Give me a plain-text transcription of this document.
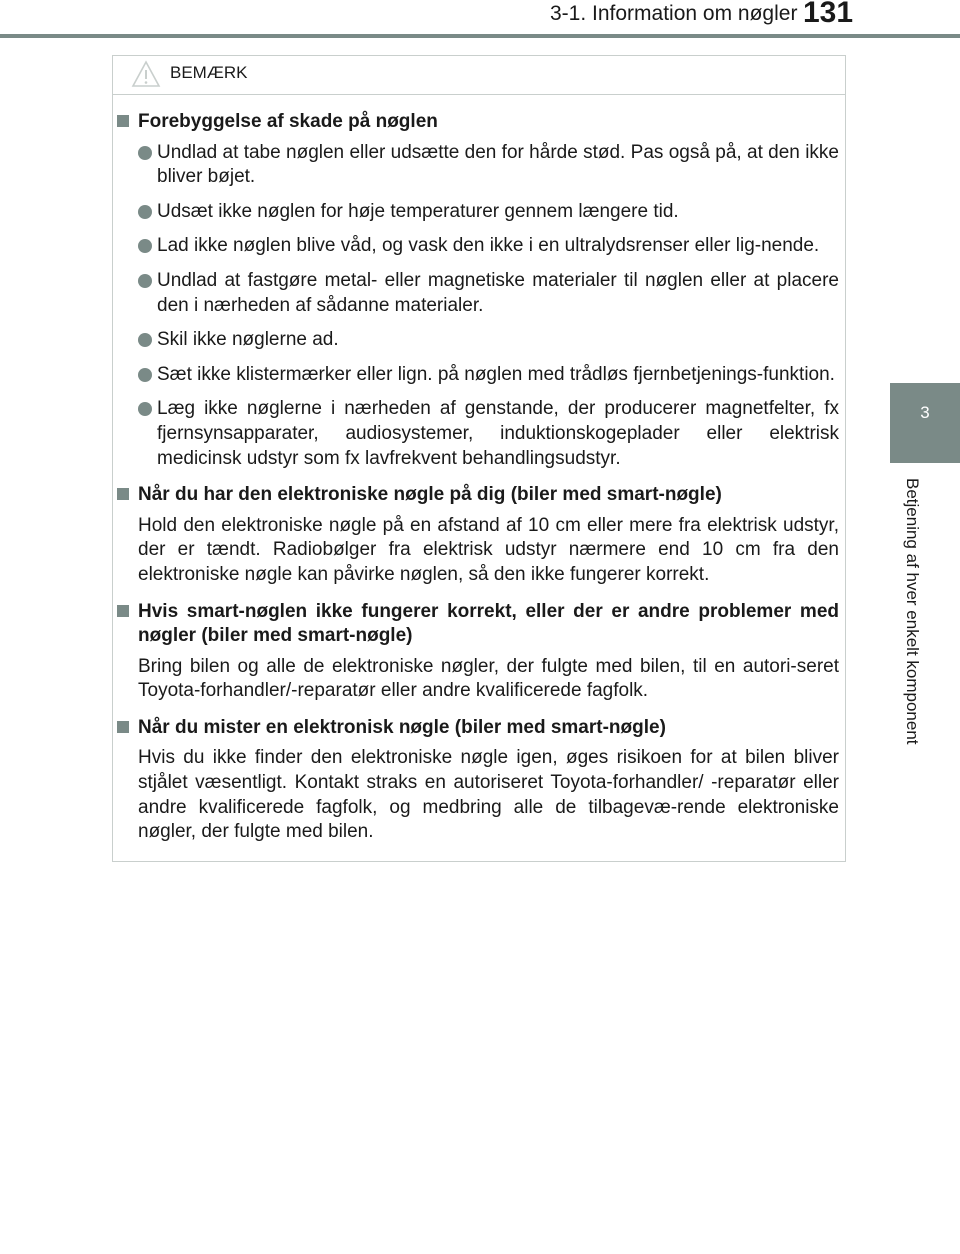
3-1. Information om nøgler 131
3
Betjening af hver enkelt komponent
BEMÆRK
Forebyggelse af skade på nøglen
Undlad at tabe nøglen eller udsætte den for hårde stød. Pas også på, at den ikke bliver bøjet.
Udsæt ikke nøglen for høje temperaturer gennem længere tid.
Lad ikke nøglen blive våd, og vask den ikke i en ultralydsrenser eller lig-nende.
Undlad at fastgøre metal- eller magnetiske materialer til nøglen eller at placere den i nærheden af sådanne materialer.
Skil ikke nøglerne ad.
Sæt ikke klistermærker eller lign. på nøglen med trådløs fjernbetjenings-funktion.
Læg ikke nøglerne i nærheden af genstande, der producerer magnetfelter, fx fjernsynsapparater, audiosystemer, induktionskogeplader eller elektrisk medicinsk udstyr som fx lavfrekvent behandlingsudstyr.
Når du har den elektroniske nøgle på dig (biler med smart-nøgle)
Hold den elektroniske nøgle på en afstand af 10 cm eller mere fra elektrisk udstyr, der er tændt. Radiobølger fra elektrisk udstyr nærmere end 10 cm fra den elektroniske nøgle kan påvirke nøglen, så den ikke fungerer korrekt.
Hvis smart-nøglen ikke fungerer korrekt, eller der er andre problemer med nøgler (biler med smart-nøgle)
Bring bilen og alle de elektroniske nøgler, der fulgte med bilen, til en autori-seret Toyota-forhandler/-reparatør eller andre kvalificerede fagfolk.
Når du mister en elektronisk nøgle (biler med smart-nøgle)
Hvis du ikke finder den elektroniske nøgle igen, øges risikoen for at bilen bliver stjålet væsentligt. Kontakt straks en autoriseret Toyota-forhandler/ -reparatør eller andre kvalificerede fagfolk, og medbring alle de tilbagevæ-rende elektroniske nøgler, der fulgte med bilen.
